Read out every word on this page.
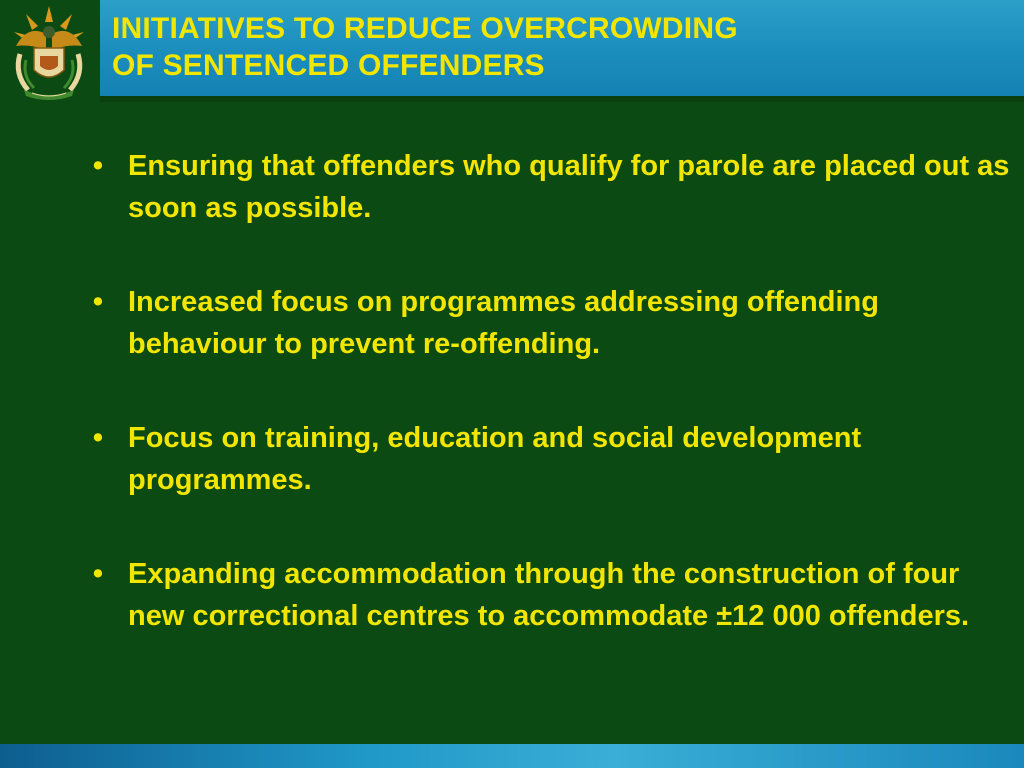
INITIATIVES TO REDUCE OVERCROWDING
OF SENTENCED OFFENDERS
• Ensuring that offenders who qualify for parole are placed out as soon as possible.
• Increased focus on programmes addressing offending behaviour to prevent re-offending.
• Focus on training, education and social development programmes.
• Expanding accommodation through the construction of four new correctional centres to accommodate ±12 000 offenders.
